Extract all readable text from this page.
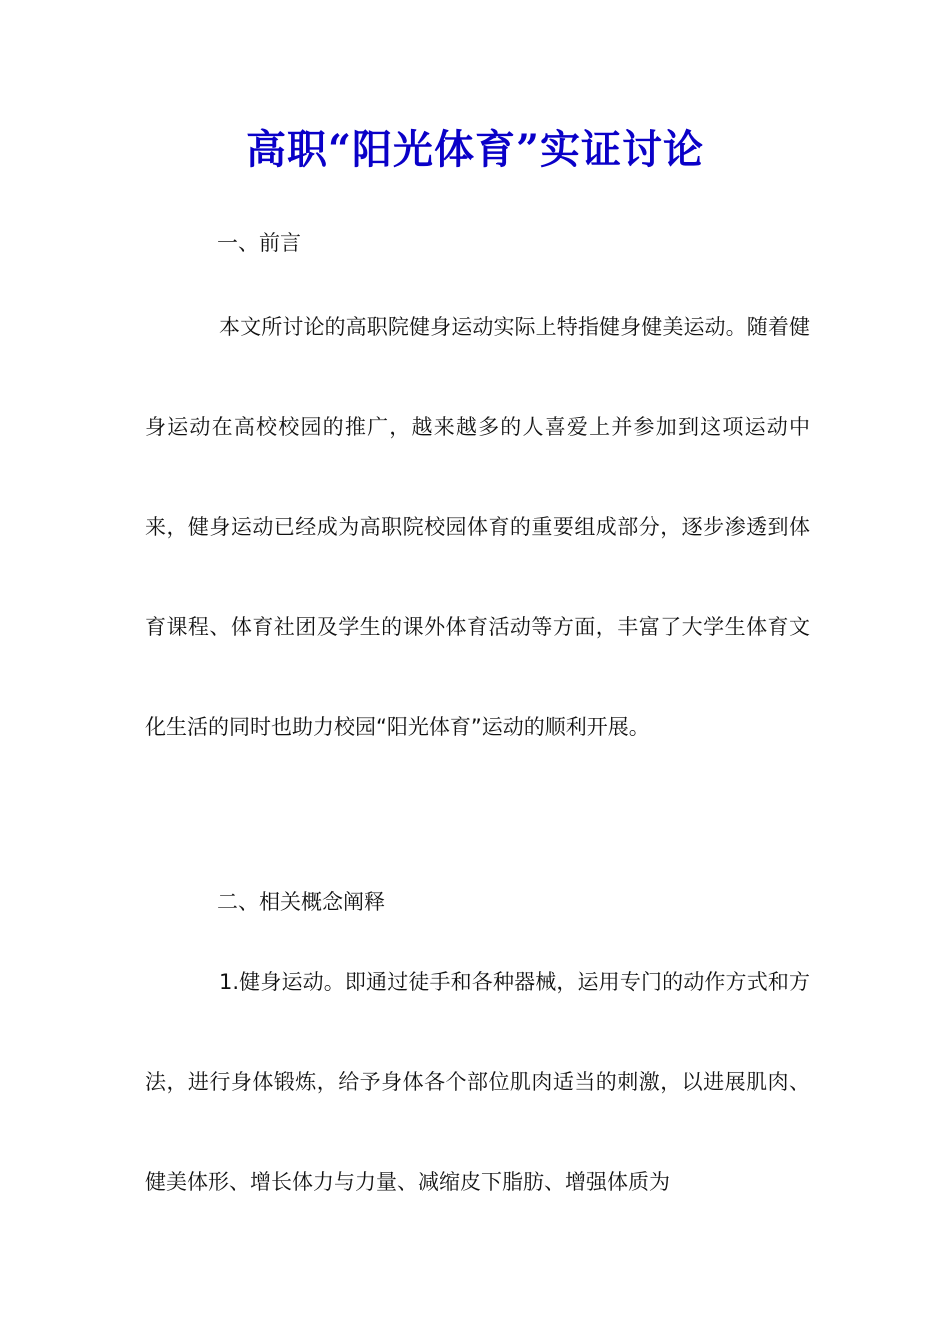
高职“阳光体育”实证讨论
一、前言

本文所讨论的高职院健身运动实际上特指健身健美运动。随着健身运动在高校校园的推广，越来越多的人喜爱上并参加到这项运动中来，健身运动已经成为高职院校园体育的重要组成部分，逐步渗透到体育课程、体育社团及学生的课外体育活动等方面，丰富了大学生体育文化生活的同时也助力校园“阳光体育”运动的顺利开展。

二、相关概念阐释

1.健身运动。即通过徒手和各种器械，运用专门的动作方式和方法，进行身体锻炼，给予身体各个部位肌肉适当的刺激，以进展肌肉、健美体形、增长体力与力量、减缩皮下脂肪、增强体质为
